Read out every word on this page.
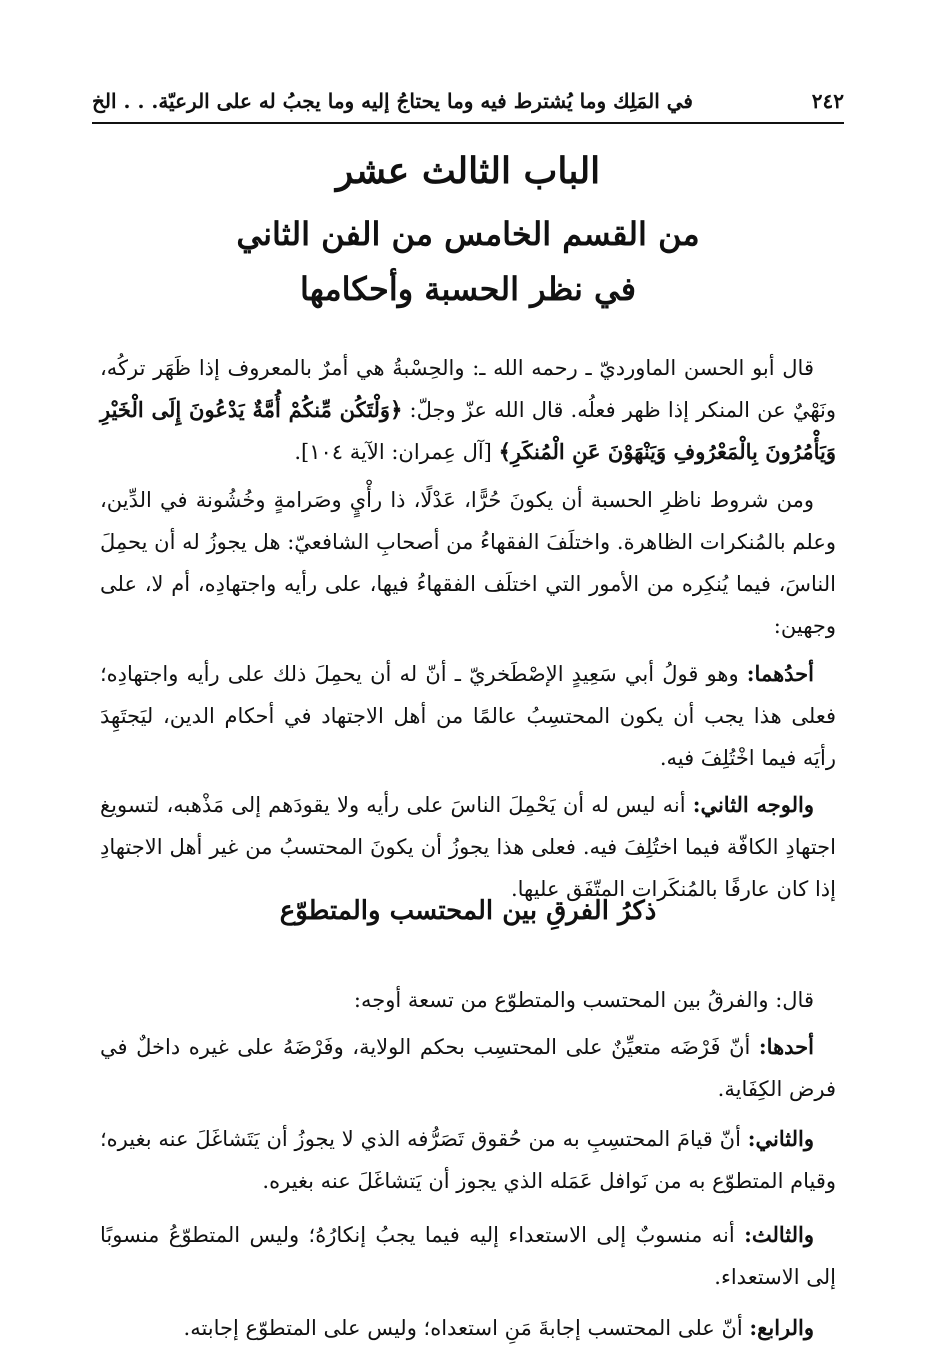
٢٤٢
في المَلِك وما يُشترط فيه وما يحتاجُ إليه وما يجبُ له على الرعيّة. . . الخ
الباب الثالث عشر
من القسم الخامس من الفن الثاني
في نظر الحسبة وأحكامها

قال أبو الحسن الماورديّ ـ رحمه الله ـ: والحِسْبةُ هي أمرٌ بالمعروف إذا ظَهَر تركُه، ونَهْيٌ عن المنكر إذا ظهر فعلُه. قال الله عزّ وجلّ: ﴿وَلْتَكُن مِّنكُمْ أُمَّةٌ يَدْعُونَ إِلَى الْخَيْرِ وَيَأْمُرُونَ بِالْمَعْرُوفِ وَيَنْهَوْنَ عَنِ الْمُنكَرِ﴾ [آل عِمران: الآية ١٠٤].

ومن شروط ناظرِ الحسبة أن يكونَ حُرًّا، عَدْلًا، ذا رأْيٍ وصَرامةٍ وخُشُونة في الدِّين، وعلم بالمُنكرات الظاهرة. واختلَفَ الفقهاءُ من أصحابِ الشافعيّ: هل يجوزُ له أن يحمِلَ الناسَ، فيما يُنكِره من الأمور التي اختلَف الفقهاءُ فيها، على رأيه واجتهادِه، أم لا، على وجهين:

أحدُهما: وهو قولُ أبي سَعِيدٍ الإصْطَخريّ ـ أنّ له أن يحمِلَ ذلك على رأيه واجتهادِه؛ فعلى هذا يجب أن يكون المحتسِبُ عالمًا من أهل الاجتهاد في أحكام الدين، ليَجتَهِدَ رأيَه فيما اخْتُلِفَ فيه.

والوجه الثاني: أنه ليس له أن يَحْمِلَ الناسَ على رأيه ولا يقودَهم إلى مَذْهبه، لتسويغ اجتهادِ الكافّة فيما اختُلِفَ فيه. فعلى هذا يجوزُ أن يكونَ المحتسبُ من غير أهل الاجتهادِ إذا كان عارفًا بالمُنكَرات المتّفَق عليها.

ذكرُ الفرقِ بين المحتسب والمتطوّع

قال: والفرقُ بين المحتسب والمتطوّع من تسعة أوجه:

أحدها: أنّ فَرْضَه متعيِّنٌ على المحتسِب بحكم الولاية، وفَرْضَهُ على غيره داخلٌ في فرض الكِفَاية.

والثاني: أنّ قيامَ المحتسِبِ به من حُقوق تَصَرُّفه الذي لا يجوزُ أن يَتَشاغَلَ عنه بغيره؛ وقيام المتطوّع به من نَوافل عَمَله الذي يجوز أن يَتشاغَلَ عنه بغيره.

والثالث: أنه منسوبٌ إلى الاستعداء إليه فيما يجبُ إنكارُهُ؛ وليس المتطوّعُ منسوبًا إلى الاستعداء.

والرابع: أنّ على المحتسب إجابةَ مَنِ استعداه؛ وليس على المتطوّع إجابته.
